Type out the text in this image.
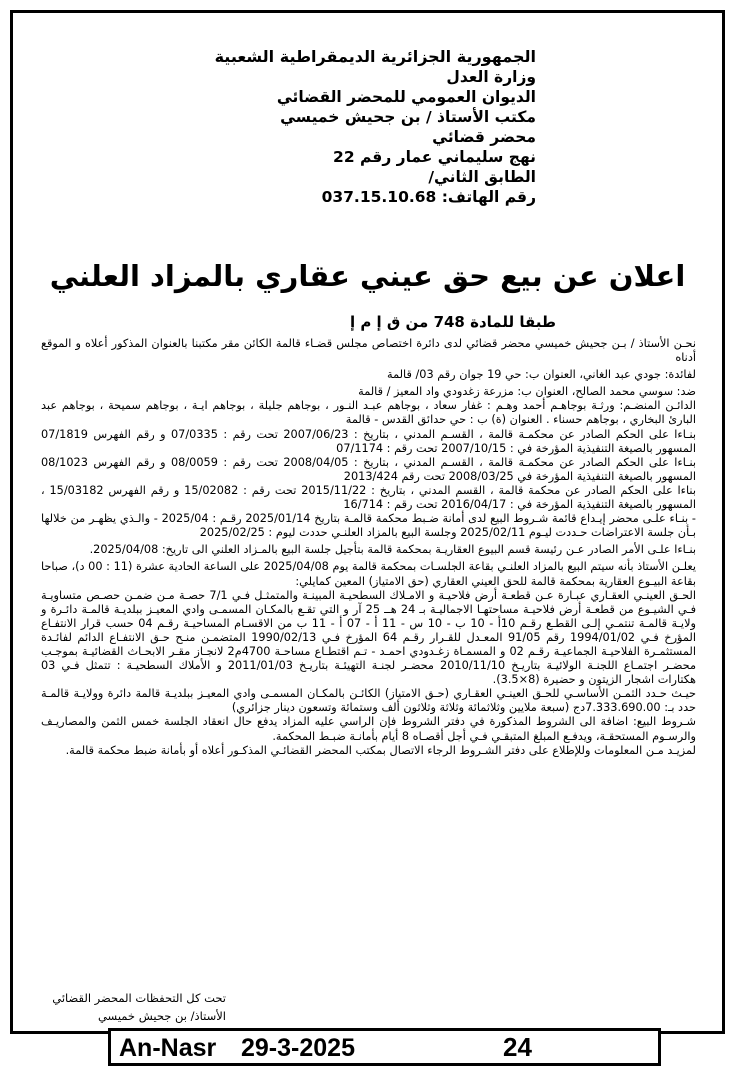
الجمهورية الجزائرية الديمقراطية الشعبية
وزارة العدل
الديوان العمومي للمحضر القضائي
مكتب الأستاذ / بن جحيش خميسي
محضر قضائي
نهج سليماني عمار رقم 22
الطابق الثاني/
رقم الهاتف: 037.15.10.68
اعلان عن بيع حق عيني عقاري بالمزاد العلني
طبقا للمادة 748 من ق إ م إ

نحـن الأستاذ / بـن جحيش خميسي محضر قضائي لدى دائرة اختصاص مجلس قضـاء قالمة الكائن مقر مكتبنا بالعنوان المذكور أعلاه و الموقع أدناه

لفائدة: جودي عبد الغاني، العنوان ب: حي 19 جوان رقم 03/ قالمة

ضد: سوسي محمد الصالح، العنوان ب: مزرعة زغدودي واد المعيز / قالمة

الدائـن المنضـم: ورثـة بوجاهـم أحمد وهـم : غفار سعاد ، بوجاهم عبـد النـور ، بوجاهم جليلة ، بوجاهم ايـة ، بوجاهم سميحة ، بوجاهم عبد البارئ البخاري ، بوجاهم حسناء . العنوان (ة) ب : حي حدائق القدس - قالمة

بنـاءا على الحكم الصادر عن محكمـة قالمة ، القسـم المدني ، بتاريخ : 2007/06/23 تحت رقم : 07/0335 و رقم الفهرس 07/1819 المسهور بالصيغة التنفيذية المؤرخة في : 2007/10/15 تحت رقم : 07/1174

بنـاءا على الحكم الصادر عن محكمـة قالمة ، القسـم المدني ، بتاريخ : 2008/04/05 تحت رقم : 08/0059 و رقم الفهرس 08/1023 المسهور بالصيغة التنفيذية المؤرخة في 2008/03/25 تحت رقم 2013/424

بناءا على الحكم الصادر عن محكمة قالمة ، القسم المدني ، بتاريخ : 2015/11/22 تحت رقم : 15/02082 و رقم الفهرس 15/03182 ، المسهور بالصيغة التنفيذية المؤرخة في : 2016/04/17 تحت رقم : 16/714

- بنـاء علـى محضر إيـداع قائمة شـروط البيع لدى أمانة ضـبط محكمة قالمـة بتاريخ 2025/01/14 رقـم : 2025/04 - والـذي يظهـر من خلالها بـأن جلسة الاعتراضات حـددت ليـوم 2025/02/11 وجلسة البيع بالمزاد العلنـي حددت ليوم : 2025/02/25

بنـاءا علـى الأمر الصادر عـن رئيسة قسم البيوع العقاريـة بمحكمة قالمة بتأجيل جلسة البيع بالمـزاد العلني الى تاريخ: 2025/04/08.

يعلـن الأستاذ بأنه سيتم البيع بالمزاد العلنـي بقاعة الجلسـات بمحكمة قالمة يوم 2025/04/08 على الساعة الحادية عشرة (11 : 00 د)، صباحا بقاعة البيـوع العقارية بمحكمة قالمة للحق العيني العقاري (حق الامتياز) المعين كمايلي:

الحـق العينـي العقـاري عبـارة عـن قطعـة أرض فلاحيـة و الامـلاك السطحيـة المبينـة والمتمثـل فـي 7/1 حصـة مـن ضمـن حصـص متساويـة فـي الشيـوع من قطعـة أرض فلاحيـة مساحتهـا الاجماليـة بـ 24 هــ 25 آر و التي تقـع بالمكـان المسمـى وادي المعيـز ببلديـة قالمـة دائـرة و ولايـة قالمـة تنتمـي إلـى القطـع رقـم 10أ - 10 ب - 10 س - 11 أ - 07 أ - 11 ب من الاقسـام المساحيـة رقـم 04 حسب قرار الانتفـاع المؤرخ فـي 1994/01/02 رقم 91/05 المعـدل للقـرار رقـم 64 المؤرخ فـي 1990/02/13 المتضمـن منـح حـق الانتفـاع الدائم لفائـدة المستثمـرة الفلاحيـة الجماعيـة رقـم 02 و المسمـاة زغـدودي احمـد - تـم اقتطـاع مساحـة 4700م2 لانجـاز مقـر الابحـاث القضائيـة بموجـب محضـر اجتمـاع اللجنـة الولائيـة بتاريـخ 2010/11/10 محضـر لجنـة التهيئـة بتاريـخ 2011/01/03 و الأملاك السطحيـة : تتمثل فـي 03 هكتارات اشجار الزيتون و حضيرة (8×3.5).

حيـث حـدد الثمـن الأساسـي للحـق العينـي العقـاري (حـق الامتياز) الكائـن بالمكـان المسمـى وادي المعيـز ببلديـة قالمة دائرة وولايـة قالمـة حدد بـ: 7.333.690.00دج (سبعة ملايين وثلاثمائة وثلاثة وثلاثون ألف وستمائة وتسعون دينار جزائري)

شـروط البيع: اضافة الى الشروط المذكورة في دفتر الشروط فإن الراسي عليه المزاد يدفع حال انعقاد الجلسة خمس الثمن والمصاريـف والرسـوم المستحقـة، ويدفـع المبلغ المتبقـي فـي أجل أقصـاه 8 أيام بأمانـة ضبـط المحكمة.

لمزيـد مـن المعلومات وللإطلاع على دفتر الشـروط الرجاء الاتصال بمكتب المحضر القضائـي المذكـور أعلاه أو بأمانة ضبط محكمة قالمة.

تحت كل التحفظات المحضر القضائي
الأستاذ/ بن جحيش خميسي
An-Nasr 29-3-2025	24
